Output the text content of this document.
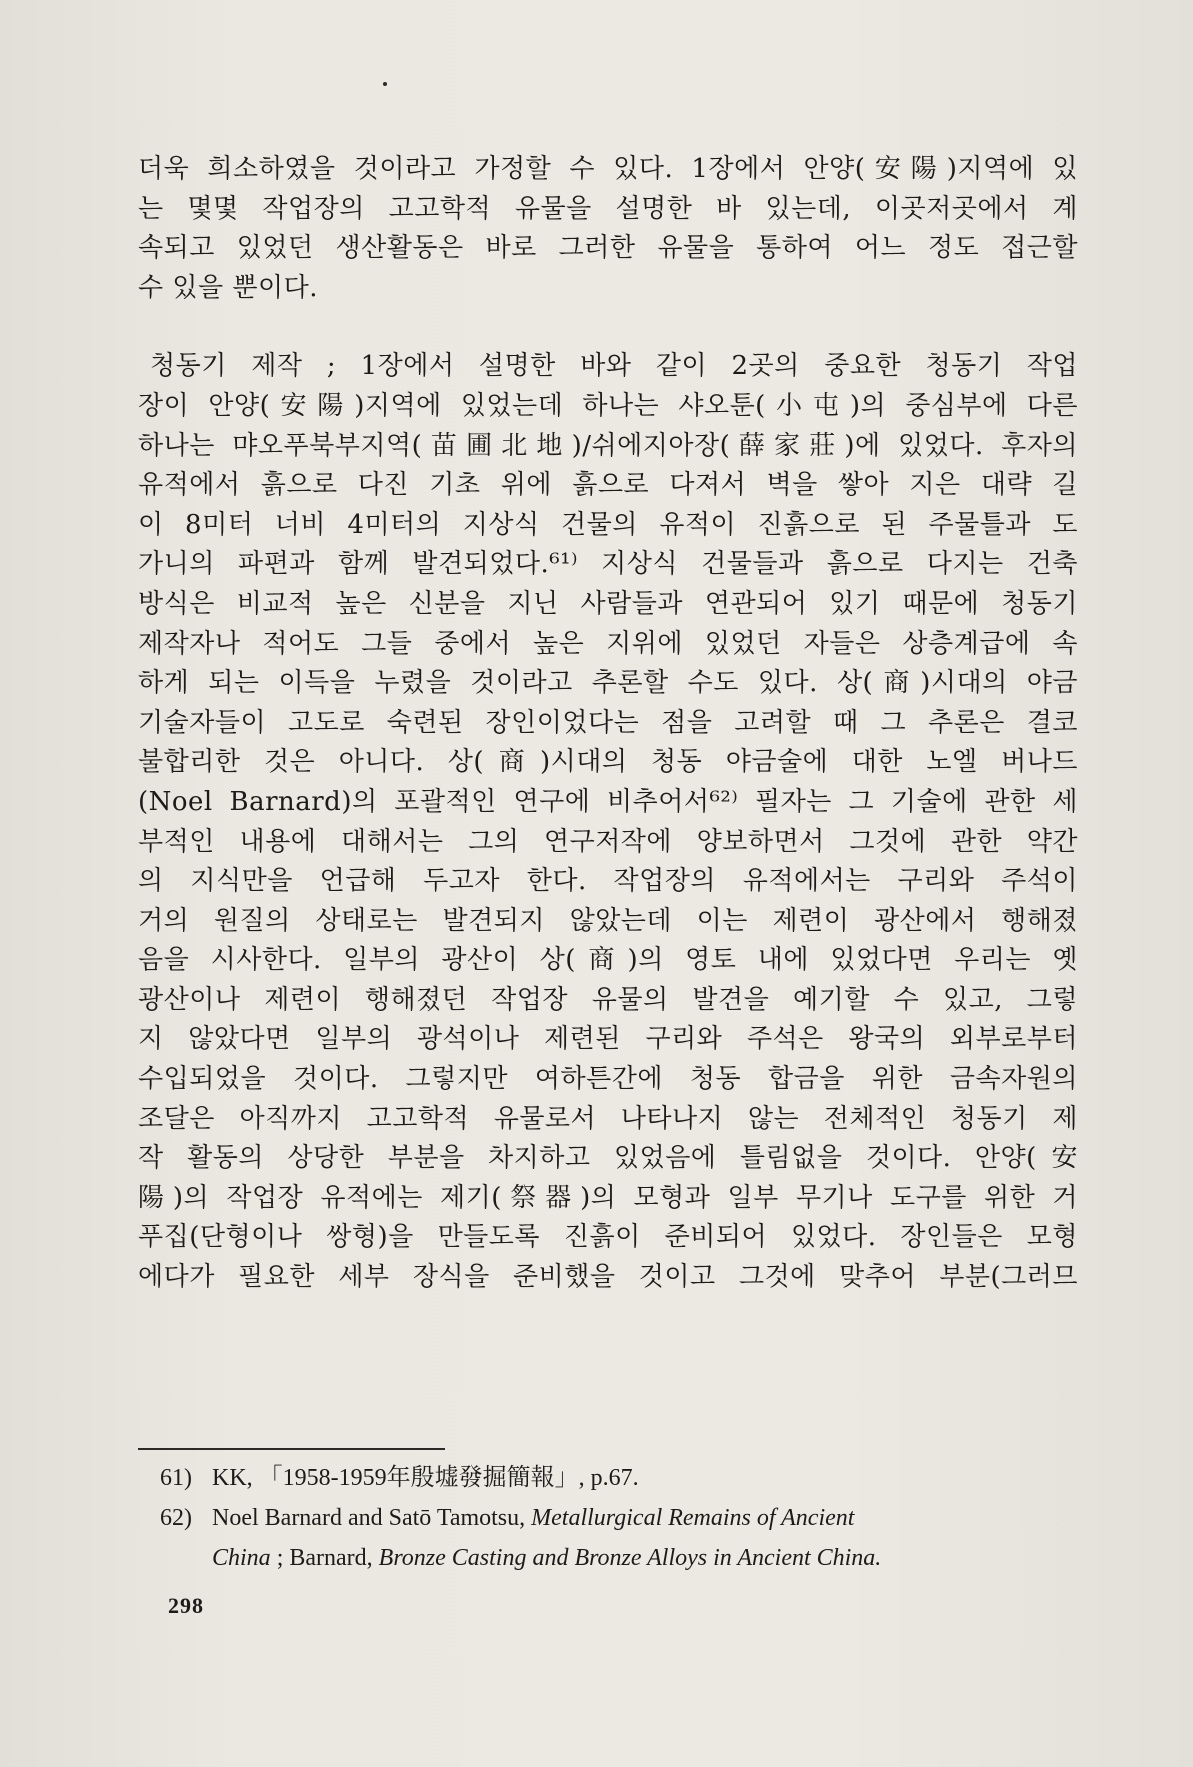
더욱 희소하였을 것이라고 가정할 수 있다. 1장에서 안양(安陽)지역에 있
는 몇몇 작업장의 고고학적 유물을 설명한 바 있는데, 이곳저곳에서 계
속되고 있었던 생산활동은 바로 그러한 유물을 통하여 어느 정도 접근할
수 있을 뿐이다.
청동기 제작 ; 1장에서 설명한 바와 같이 2곳의 중요한 청동기 작업
장이 안양(安陽)지역에 있었는데 하나는 샤오툰(小屯)의 중심부에 다른
하나는 먀오푸북부지역(苗圃北地)/쉬에지아장(薛家莊)에 있었다. 후자의
유적에서 흙으로 다진 기초 위에 흙으로 다져서 벽을 쌓아 지은 대략 길
이 8미터 너비 4미터의 지상식 건물의 유적이 진흙으로 된 주물틀과 도
가니의 파편과 함께 발견되었다.⁶¹⁾ 지상식 건물들과 흙으로 다지는 건축
방식은 비교적 높은 신분을 지닌 사람들과 연관되어 있기 때문에 청동기
제작자나 적어도 그들 중에서 높은 지위에 있었던 자들은 상층계급에 속
하게 되는 이득을 누렸을 것이라고 추론할 수도 있다. 상(商)시대의 야금
기술자들이 고도로 숙련된 장인이었다는 점을 고려할 때 그 추론은 결코
불합리한 것은 아니다. 상(商)시대의 청동 야금술에 대한 노엘 버나드
(Noel Barnard)의 포괄적인 연구에 비추어서⁶²⁾ 필자는 그 기술에 관한 세
부적인 내용에 대해서는 그의 연구저작에 양보하면서 그것에 관한 약간
의 지식만을 언급해 두고자 한다. 작업장의 유적에서는 구리와 주석이
거의 원질의 상태로는 발견되지 않았는데 이는 제련이 광산에서 행해졌
음을 시사한다. 일부의 광산이 상(商)의 영토 내에 있었다면 우리는 옛
광산이나 제련이 행해졌던 작업장 유물의 발견을 예기할 수 있고, 그렇
지 않았다면 일부의 광석이나 제련된 구리와 주석은 왕국의 외부로부터
수입되었을 것이다. 그렇지만 여하튼간에 청동 합금을 위한 금속자원의
조달은 아직까지 고고학적 유물로서 나타나지 않는 전체적인 청동기 제
작 활동의 상당한 부분을 차지하고 있었음에 틀림없을 것이다. 안양(安
陽)의 작업장 유적에는 제기(祭器)의 모형과 일부 무기나 도구를 위한 거
푸집(단형이나 쌍형)을 만들도록 진흙이 준비되어 있었다. 장인들은 모형
에다가 필요한 세부 장식을 준비했을 것이고 그것에 맞추어 부분(그러므
61) KK, 「1958-1959年殷墟發掘簡報」, p.67.
62) Noel Barnard and Satō Tamotsu, Metallurgical Remains of Ancient
China ; Barnard, Bronze Casting and Bronze Alloys in Ancient China.
298
